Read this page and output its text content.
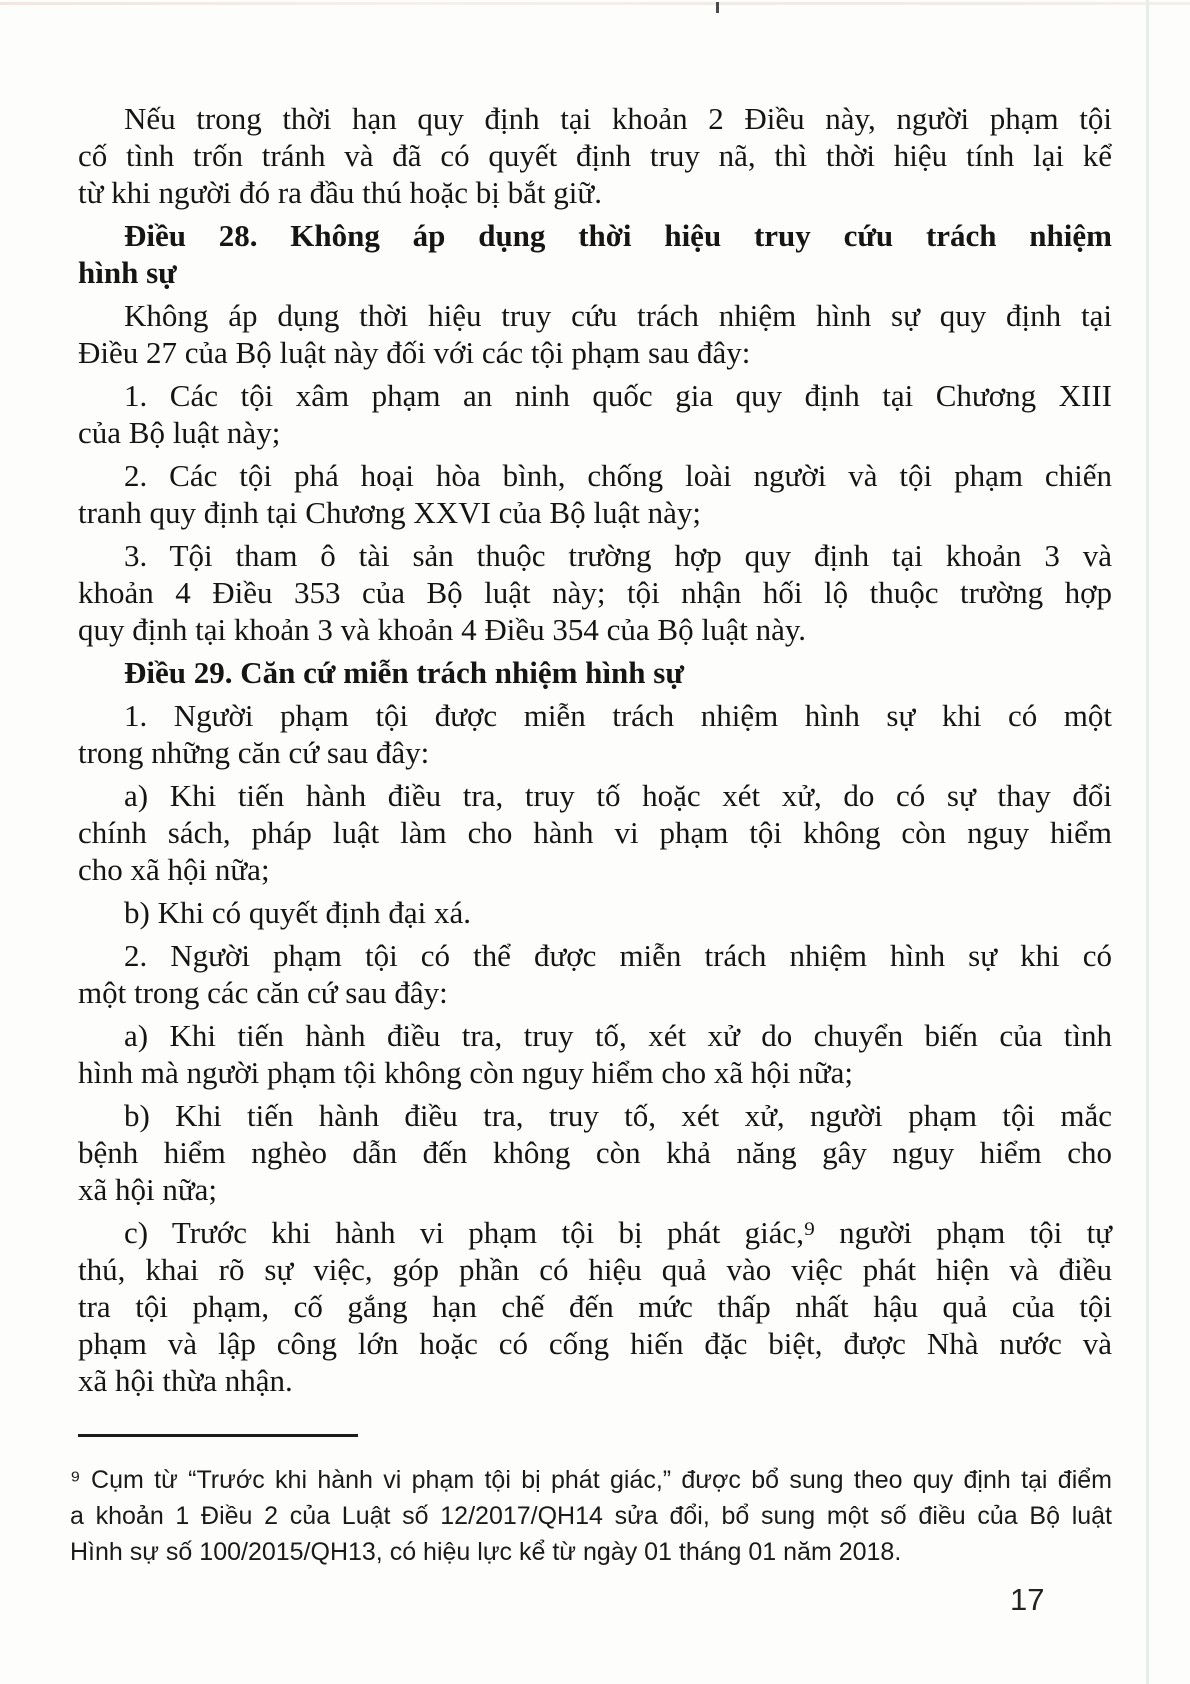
Nếu trong thời hạn quy định tại khoản 2 Điều này, người phạm tội
cố tình trốn tránh và đã có quyết định truy nã, thì thời hiệu tính lại kể
từ khi người đó ra đầu thú hoặc bị bắt giữ.
Điều 28. Không áp dụng thời hiệu truy cứu trách nhiệm
hình sự
Không áp dụng thời hiệu truy cứu trách nhiệm hình sự quy định tại
Điều 27 của Bộ luật này đối với các tội phạm sau đây:
1. Các tội xâm phạm an ninh quốc gia quy định tại Chương XIII
của Bộ luật này;
2. Các tội phá hoại hòa bình, chống loài người và tội phạm chiến
tranh quy định tại Chương XXVI của Bộ luật này;
3. Tội tham ô tài sản thuộc trường hợp quy định tại khoản 3 và
khoản 4 Điều 353 của Bộ luật này; tội nhận hối lộ thuộc trường hợp
quy định tại khoản 3 và khoản 4 Điều 354 của Bộ luật này.
Điều 29. Căn cứ miễn trách nhiệm hình sự
1. Người phạm tội được miễn trách nhiệm hình sự khi có một
trong những căn cứ sau đây:
a) Khi tiến hành điều tra, truy tố hoặc xét xử, do có sự thay đổi
chính sách, pháp luật làm cho hành vi phạm tội không còn nguy hiểm
cho xã hội nữa;
b) Khi có quyết định đại xá.
2. Người phạm tội có thể được miễn trách nhiệm hình sự khi có
một trong các căn cứ sau đây:
a) Khi tiến hành điều tra, truy tố, xét xử do chuyển biến của tình
hình mà người phạm tội không còn nguy hiểm cho xã hội nữa;
b) Khi tiến hành điều tra, truy tố, xét xử, người phạm tội mắc
bệnh hiểm nghèo dẫn đến không còn khả năng gây nguy hiểm cho
xã hội nữa;
c) Trước khi hành vi phạm tội bị phát giác,⁹ người phạm tội tự
thú, khai rõ sự việc, góp phần có hiệu quả vào việc phát hiện và điều
tra tội phạm, cố gắng hạn chế đến mức thấp nhất hậu quả của tội
phạm và lập công lớn hoặc có cống hiến đặc biệt, được Nhà nước và
xã hội thừa nhận.
⁹ Cụm từ “Trước khi hành vi phạm tội bị phát giác,” được bổ sung theo quy định tại điểm
a khoản 1 Điều 2 của Luật số 12/2017/QH14 sửa đổi, bổ sung một số điều của Bộ luật
Hình sự số 100/2015/QH13, có hiệu lực kể từ ngày 01 tháng 01 năm 2018.
17
